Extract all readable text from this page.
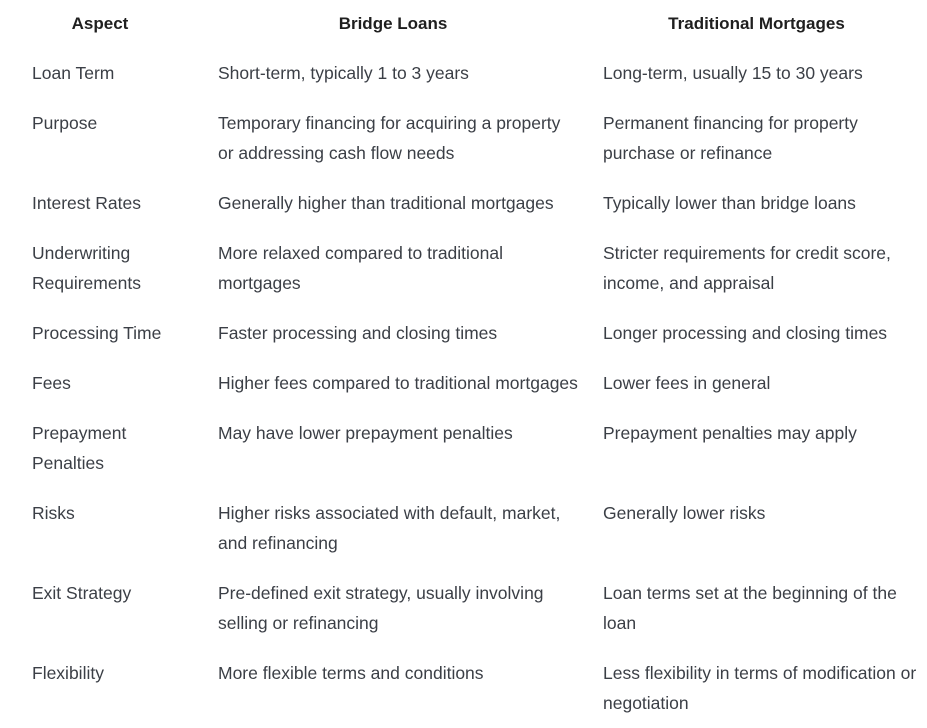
Aspect	Bridge Loans	Traditional Mortgages
Loan Term	Short-term, typically 1 to 3 years	Long-term, usually 15 to 30 years
Purpose	Temporary financing for acquiring a property or addressing cash flow needs	Permanent financing for property purchase or refinance
Interest Rates	Generally higher than traditional mortgages	Typically lower than bridge loans
Underwriting Requirements	More relaxed compared to traditional mortgages	Stricter requirements for credit score, income, and appraisal
Processing Time	Faster processing and closing times	Longer processing and closing times
Fees	Higher fees compared to traditional mortgages	Lower fees in general
Prepayment Penalties	May have lower prepayment penalties	Prepayment penalties may apply
Risks	Higher risks associated with default, market, and refinancing	Generally lower risks
Exit Strategy	Pre-defined exit strategy, usually involving selling or refinancing	Loan terms set at the beginning of the loan
Flexibility	More flexible terms and conditions	Less flexibility in terms of modification or negotiation
